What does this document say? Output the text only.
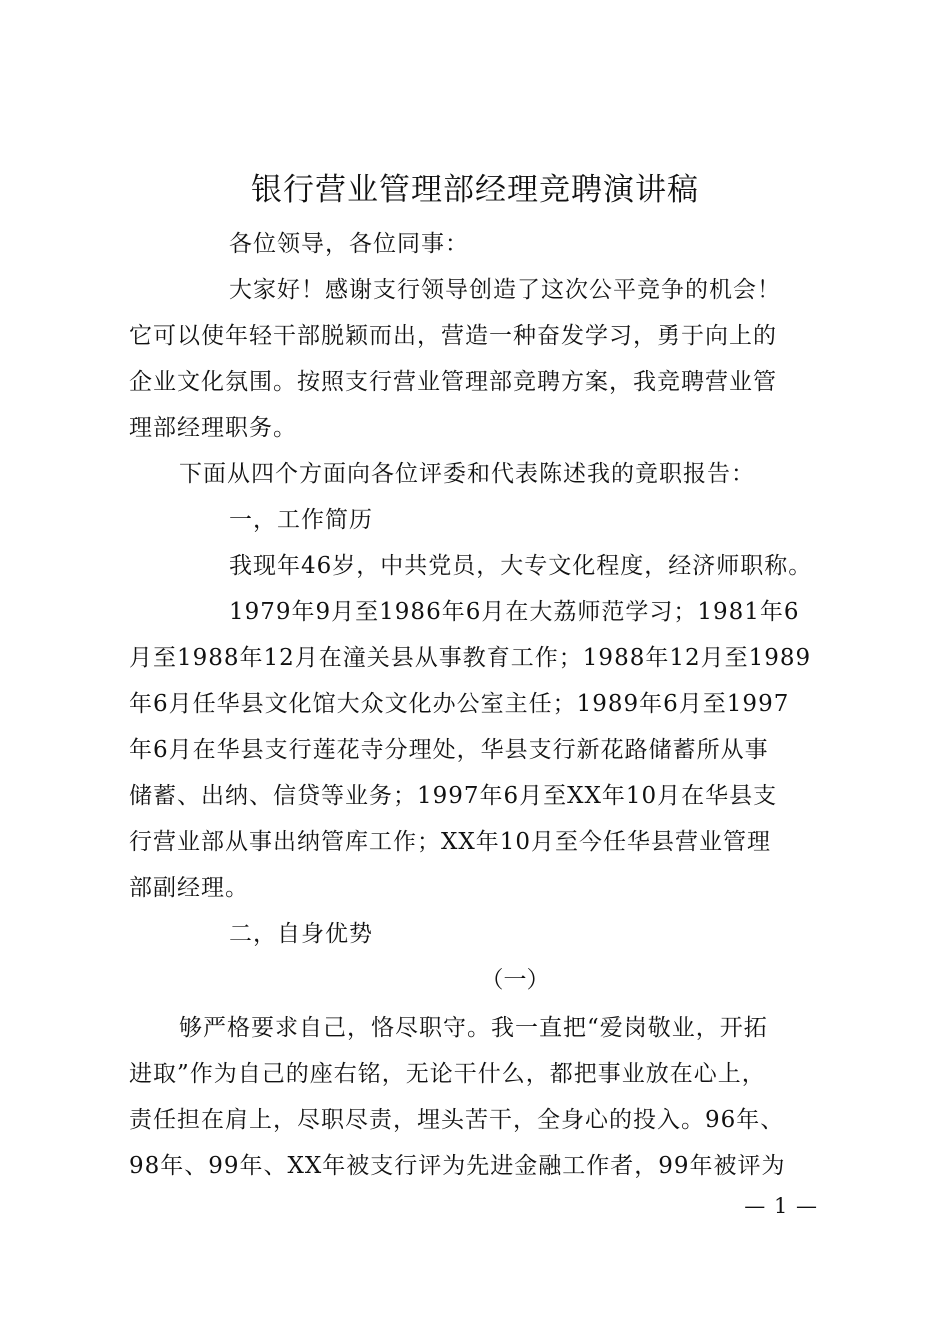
银行营业管理部经理竞聘演讲稿
各位领导，各位同事：
大家好！感谢支行领导创造了这次公平竞争的机会！
它可以使年轻干部脱颖而出，营造一种奋发学习，勇于向上的
企业文化氛围。按照支行营业管理部竞聘方案，我竞聘营业管
理部经理职务。
下面从四个方面向各位评委和代表陈述我的竟职报告：
一，工作简历
我现年46岁，中共党员，大专文化程度，经济师职称。
1979年9月至1986年6月在大荔师范学习；1981年6
月至1988年12月在潼关县从事教育工作；1988年12月至1989
年6月任华县文化馆大众文化办公室主任；1989年6月至1997
年6月在华县支行莲花寺分理处，华县支行新花路储蓄所从事
储蓄、出纳、信贷等业务；1997年6月至XX年10月在华县支
行营业部从事出纳管库工作；XX年10月至今任华县营业管理
部副经理。
二，自身优势
（一）
够严格要求自己，恪尽职守。我一直把“爱岗敬业，开拓
进取”作为自己的座右铭，无论干什么，都把事业放在心上，
责任担在肩上，尽职尽责，埋头苦干，全身心的投入。96年、
98年、99年、XX年被支行评为先进金融工作者，99年被评为
— 1 —
